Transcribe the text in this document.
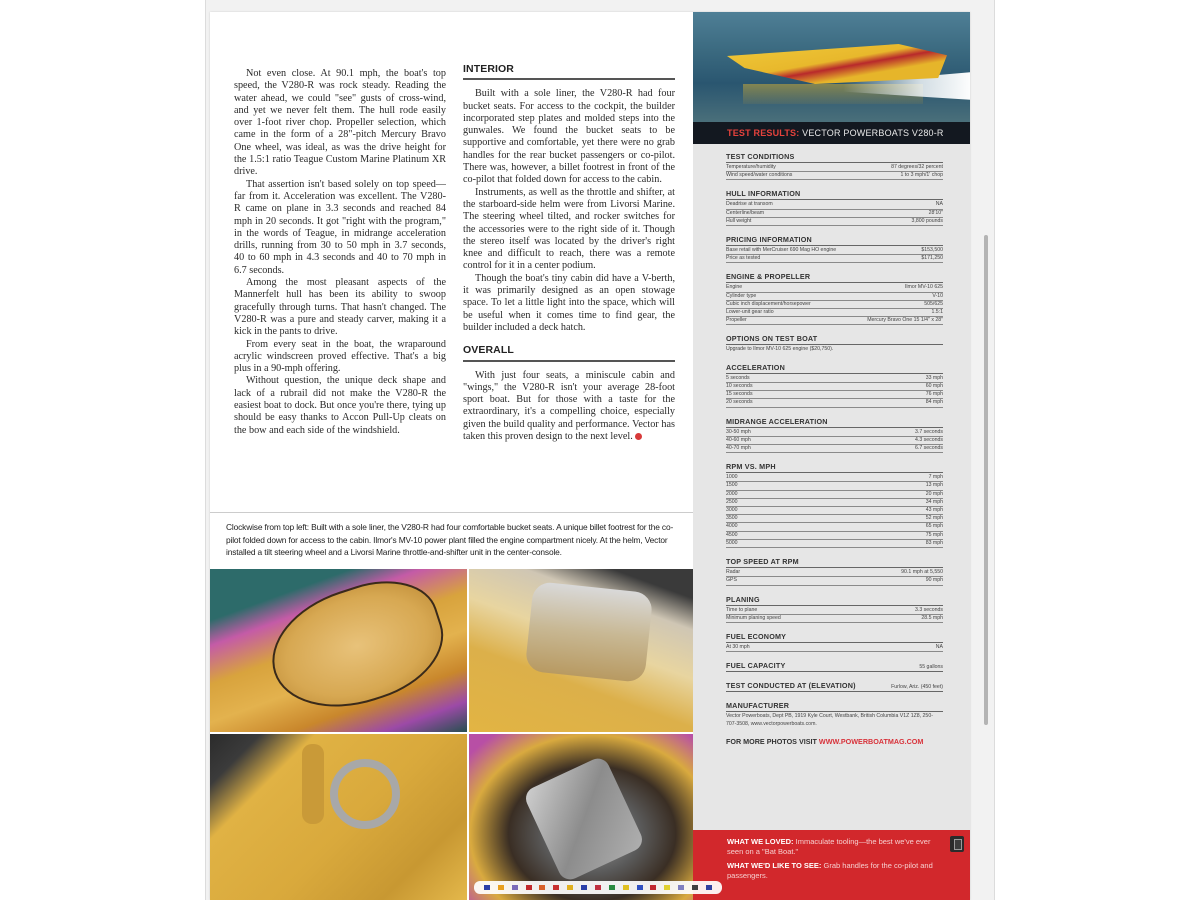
Not even close. At 90.1 mph, the boat's top speed, the V280-R was rock steady. Reading the water ahead, we could "see" gusts of cross-wind, and yet we never felt them. The hull rode easily over 1-foot river chop. Propeller selection, which came in the form of a 28"-pitch Mercury Bravo One wheel, was ideal, as was the drive height for the 1.5:1 ratio Teague Custom Marine Platinum XR drive.

That assertion isn't based solely on top speed—far from it. Acceleration was excellent. The V280-R came on plane in 3.3 seconds and reached 84 mph in 20 seconds. It got "right with the program," in the words of Teague, in midrange acceleration drills, running from 30 to 50 mph in 3.7 seconds, 40 to 60 mph in 4.3 seconds and 40 to 70 mph in 6.7 seconds.

Among the most pleasant aspects of the Mannerfelt hull has been its ability to swoop gracefully through turns. That hasn't changed. The V280-R was a pure and steady carver, making it a kick in the pants to drive.

From every seat in the boat, the wraparound acrylic windscreen proved effective. That's a big plus in a 90-mph offering.

Without question, the unique deck shape and lack of a rubrail did not make the V280-R the easiest boat to dock. But once you're there, tying up should be easy thanks to Accon Pull-Up cleats on the bow and each side of the windshield.

INTERIOR

Built with a sole liner, the V280-R had four bucket seats. For access to the cockpit, the builder incorporated step plates and molded steps into the gunwales. We found the bucket seats to be supportive and comfortable, yet there were no grab handles for the rear bucket passengers or co-pilot. There was, however, a billet footrest in front of the co-pilot that folded down for access to the cabin.

Instruments, as well as the throttle and shifter, at the starboard-side helm were from Livorsi Marine. The steering wheel tilted, and rocker switches for the accessories were to the right side of it. Though the stereo itself was located by the driver's right knee and difficult to reach, there was a remote control for it in a center podium.

Though the boat's tiny cabin did have a V-berth, it was primarily designed as an open stowage space. To let a little light into the space, which will be useful when it comes time to find gear, the builder included a deck hatch.

OVERALL

With just four seats, a miniscule cabin and "wings," the V280-R isn't your average 28-foot sport boat. But for those with a taste for the extraordinary, it's a compelling choice, especially given the build quality and performance. Vector has taken this proven design to the next level.

Clockwise from top left: Built with a sole liner, the V280-R had four comfortable bucket seats. A unique billet footrest for the co-pilot folded down for access to the cabin. Ilmor's MV-10 power plant filled the engine compartment nicely. At the helm, Vector installed a tilt steering wheel and a Livorsi Marine throttle-and-shifter unit in the center-console.
TEST RESULTS: VECTOR POWERBOATS V280-R
TEST CONDITIONS
Temperature/humidity	87 degrees/32 percent
Wind speed/water conditions	1 to 3 mph/1' chop
HULL INFORMATION
Deadrise at transom	NA
Centerline/beam	28'10"
Hull weight	3,800 pounds
PRICING INFORMATION
Base retail with MerCruiser 690 Mag HO engine	$153,500
Price as tested	$171,250
ENGINE & PROPELLER
Engine	Ilmor MV-10 625
Cylinder type	V-10
Cubic inch displacement/horsepower	505/625
Lower-unit gear ratio	1.5:1
Propeller	Mercury Bravo One 15 1/4" x 28"
OPTIONS ON TEST BOAT
Upgrade to Ilmor MV-10 625 engine ($20,750).
ACCELERATION
5 seconds	33 mph
10 seconds	60 mph
15 seconds	76 mph
20 seconds	84 mph
MIDRANGE ACCELERATION
30-50 mph	3.7 seconds
40-60 mph	4.3 seconds
40-70 mph	6.7 seconds
RPM VS. MPH
1000	7 mph
1500	13 mph
2000	20 mph
2500	34 mph
3000	43 mph
3500	52 mph
4000	65 mph
4500	75 mph
5000	83 mph
TOP SPEED AT RPM
Radar	90.1 mph at 5,550
GPS	90 mph
PLANING
Time to plane	3.3 seconds
Minimum planing speed	28.5 mph
FUEL ECONOMY
At 30 mph	NA
FUEL CAPACITY	55 gallons
TEST CONDUCTED AT (ELEVATION)	Furlow, Ariz. (450 feet)
MANUFACTURER
Vector Powerboats, Dept PB, 1919 Kyle Court, Westbank, British Columbia V1Z 1Z8, 250-707-3508, www.vectorpowerboats.com.
FOR MORE PHOTOS VISIT WWW.POWERBOATMAG.COM

WHAT WE LOVED: Immaculate tooling—the best we've ever seen on a "Bat Boat."

WHAT WE'D LIKE TO SEE: Grab handles for the co-pilot and passengers.
